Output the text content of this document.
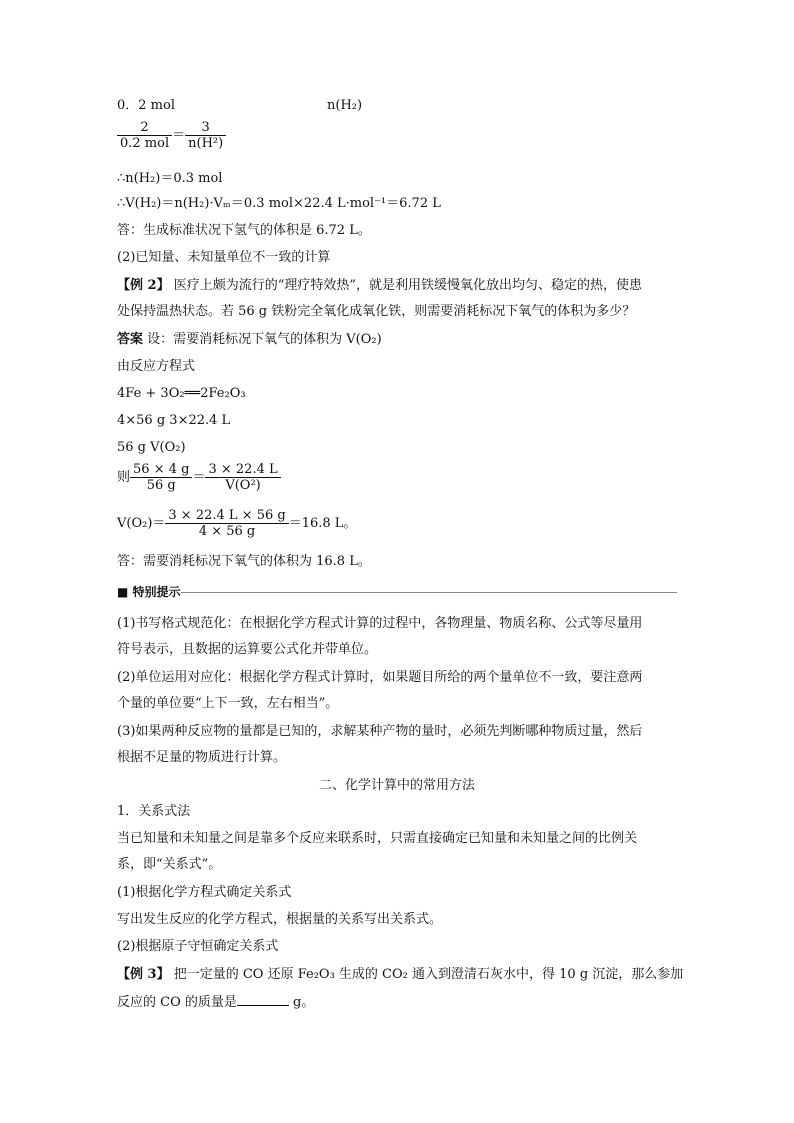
0．2 mol	n(H₂)
$\frac{2}{\text{0.2 mol}} = \frac{3}{\text{n(H²)}}$
∴n(H₂)＝0.3 mol
∴V(H₂)＝n(H₂)·Vₘ＝0.3 mol×22.4 L·mol⁻¹＝6.72 L
答：生成标准状况下氢气的体积是 6.72 L。
(2)已知量、未知量单位不一致的计算
【例 2】 医疗上颇为流行的“理疗特效热”，就是利用铁缓慢氧化放出均匀、稳定的热，使患
处保持温热状态。若 56 g 铁粉完全氧化成氧化铁，则需要消耗标况下氧气的体积为多少？
答案 设：需要消耗标况下氧气的体积为 V(O₂)
由反应方程式
4Fe + 3O₂══2Fe₂O₃
4×56 g 3×22.4 L
56 g V(O₂)
则 $\frac{56 \times 4 g}{56 g} = \frac{3 \times 22.4 L}{\text{V(O²)}}$
$V(O_2)= \frac{3 \times 22.4 L \times 56 g}{4 \times 56 g} =16.8$ L。
答：需要消耗标况下氧气的体积为 16.8 L。
■ 特别提示
(1)书写格式规范化：在根据化学方程式计算的过程中，各物理量、物质名称、公式等尽量用
符号表示，且数据的运算要公式化并带单位。
(2)单位运用对应化：根据化学方程式计算时，如果题目所给的两个量单位不一致，要注意两
个量的单位要“上下一致，左右相当”。
(3)如果两种反应物的量都是已知的，求解某种产物的量时，必须先判断哪种物质过量，然后
根据不足量的物质进行计算。
二、化学计算中的常用方法
1．关系式法
当已知量和未知量之间是靠多个反应来联系时，只需直接确定已知量和未知量之间的比例关
系，即“关系式”。
(1)根据化学方程式确定关系式
写出发生反应的化学方程式，根据量的关系写出关系式。
(2)根据原子守恒确定关系式
【例 3】 把一定量的 CO 还原 Fe₂O₃ 生成的 CO₂ 通入到澄清石灰水中，得 10 g 沉淀，那么参加
反应的 CO 的质量是	g。
